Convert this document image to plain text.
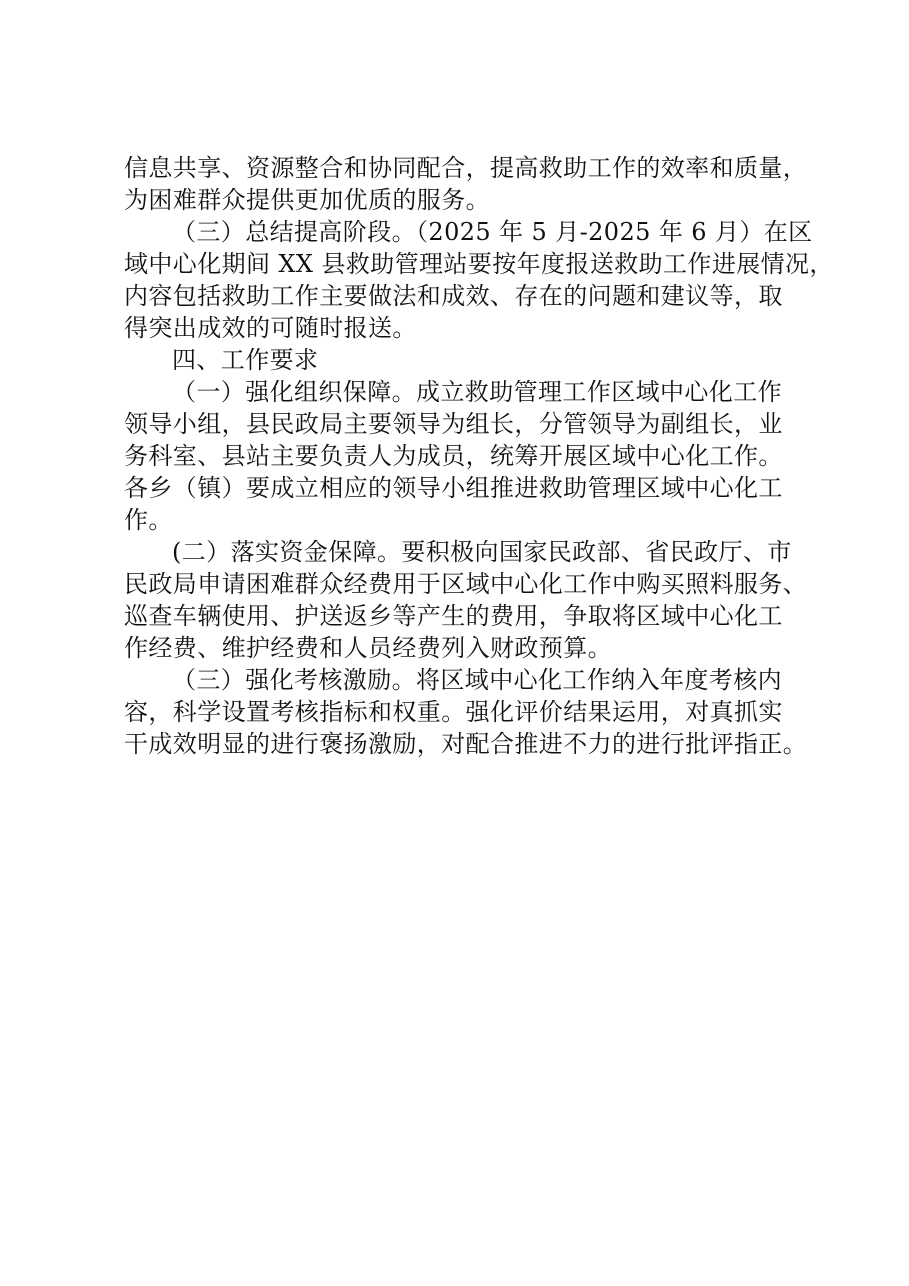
信息共享、资源整合和协同配合，提高救助工作的效率和质量，
为困难群众提供更加优质的服务。
（三）总结提高阶段。（2025 年 5 月-2025 年 6 月）在区
域中心化期间 XX 县救助管理站要按年度报送救助工作进展情况，
内容包括救助工作主要做法和成效、存在的问题和建议等，取
得突出成效的可随时报送。
四、工作要求
（一）强化组织保障。成立救助管理工作区域中心化工作
领导小组，县民政局主要领导为组长，分管领导为副组长，业
务科室、县站主要负责人为成员，统筹开展区域中心化工作。
各乡（镇）要成立相应的领导小组推进救助管理区域中心化工
作。
(二）落实资金保障。要积极向国家民政部、省民政厅、市
民政局申请困难群众经费用于区域中心化工作中购买照料服务、
巡查车辆使用、护送返乡等产生的费用，争取将区域中心化工
作经费、维护经费和人员经费列入财政预算。
（三）强化考核激励。将区域中心化工作纳入年度考核内
容，科学设置考核指标和权重。强化评价结果运用，对真抓实
干成效明显的进行褒扬激励，对配合推进不力的进行批评指正。
